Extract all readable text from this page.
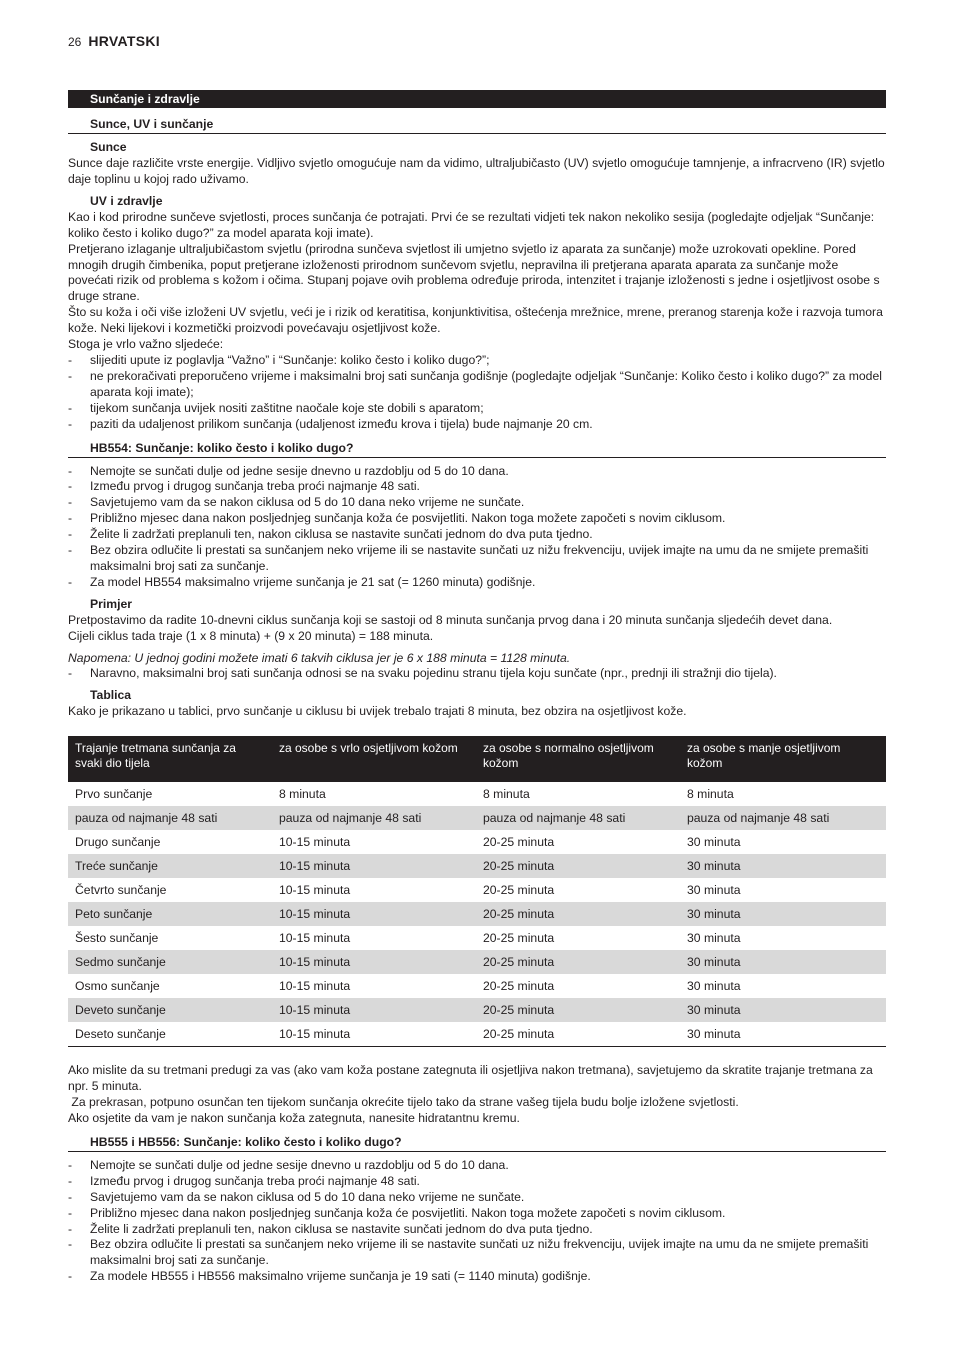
26 HRVATSKI
Sunčanje i zdravlje
Sunce, UV i sunčanje
Sunce

Sunce daje različite vrste energije. Vidljivo svjetlo omogućuje nam da vidimo, ultraljubičasto (UV) svjetlo omogućuje tamnjenje, a infracrveno (IR) svjetlo daje toplinu u kojoj rado uživamo.

UV i zdravlje

Kao i kod prirodne sunčeve svjetlosti, proces sunčanja će potrajati. Prvi će se rezultati vidjeti tek nakon nekoliko sesija (pogledajte odjeljak “Sunčanje: koliko često i koliko dugo?” za model aparata koji imate).

Pretjerano izlaganje ultraljubičastom svjetlu (prirodna sunčeva svjetlost ili umjetno svjetlo iz aparata za sunčanje) može uzrokovati opekline. Pored mnogih drugih čimbenika, poput pretjerane izloženosti prirodnom sunčevom svjetlu, nepravilna ili pretjerana aparata aparata za sunčanje može povećati rizik od problema s kožom i očima. Stupanj pojave ovih problema određuje priroda, intenzitet i trajanje izloženosti s jedne i osjetljivost osobe s druge strane.

Što su koža i oči više izloženi UV svjetlu, veći je i rizik od keratitisa, konjunktivitisa, oštećenja mrežnice, mrene, preranog starenja kože i razvoja tumora kože. Neki lijekovi i kozmetički proizvodi povećavaju osjetljivost kože.

Stoga je vrlo važno sljedeće:

- slijediti upute iz poglavlja “Važno” i “Sunčanje: koliko često i koliko dugo?”;
- ne prekoračivati preporučeno vrijeme i maksimalni broj sati sunčanja godišnje (pogledajte odjeljak “Sunčanje: Koliko često i koliko dugo?” za model aparata koji imate);
- tijekom sunčanja uvijek nositi zaštitne naočale koje ste dobili s aparatom;
- paziti da udaljenost prilikom sunčanja (udaljenost između krova i tijela) bude najmanje 20 cm.
HB554: Sunčanje: koliko često i koliko dugo?
- Nemojte se sunčati dulje od jedne sesije dnevno u razdoblju od 5 do 10 dana.
- Između prvog i drugog sunčanja treba proći najmanje 48 sati.
- Savjetujemo vam da se nakon ciklusa od 5 do 10 dana neko vrijeme ne sunčate.
- Približno mjesec dana nakon posljednjeg sunčanja koža će posvijetliti. Nakon toga možete započeti s novim ciklusom.
- Želite li zadržati preplanuli ten, nakon ciklusa se nastavite sunčati jednom do dva puta tjedno.
- Bez obzira odlučite li prestati sa sunčanjem neko vrijeme ili se nastavite sunčati uz nižu frekvenciju, uvijek imajte na umu da ne smijete premašiti maksimalni broj sati za sunčanje.
- Za model HB554 maksimalno vrijeme sunčanja je 21 sat (= 1260 minuta) godišnje.
Primjer

Pretpostavimo da radite 10-dnevni ciklus sunčanja koji se sastoji od 8 minuta sunčanja prvog dana i 20 minuta sunčanja sljedećih devet dana.

Cijeli ciklus tada traje (1 x 8 minuta) + (9 x 20 minuta) = 188 minuta.

Napomena: U jednoj godini možete imati 6 takvih ciklusa jer je 6 x 188 minuta = 1128 minuta.

- Naravno, maksimalni broj sati sunčanja odnosi se na svaku pojedinu stranu tijela koju sunčate (npr., prednji ili stražnji dio tijela).
Tablica

Kako je prikazano u tablici, prvo sunčanje u ciklusu bi uvijek trebalo trajati 8 minuta, bez obzira na osjetljivost kože.

Trajanje tretmana sunčanja za svaki dio tijela	za osobe s vrlo osjetljivom kožom	za osobe s normalno osjetljivom kožom	za osobe s manje osjetljivom kožom
Prvo sunčanje	8 minuta	8 minuta	8 minuta
pauza od najmanje 48 sati	pauza od najmanje 48 sati	pauza od najmanje 48 sati	pauza od najmanje 48 sati
Drugo sunčanje	10-15 minuta	20-25 minuta	30 minuta
Treće sunčanje	10-15 minuta	20-25 minuta	30 minuta
Četvrto sunčanje	10-15 minuta	20-25 minuta	30 minuta
Peto sunčanje	10-15 minuta	20-25 minuta	30 minuta
Šesto sunčanje	10-15 minuta	20-25 minuta	30 minuta
Sedmo sunčanje	10-15 minuta	20-25 minuta	30 minuta
Osmo sunčanje	10-15 minuta	20-25 minuta	30 minuta
Deveto sunčanje	10-15 minuta	20-25 minuta	30 minuta
Deseto sunčanje	10-15 minuta	20-25 minuta	30 minuta

Ako mislite da su tretmani predugi za vas (ako vam koža postane zategnuta ili osjetljiva nakon tretmana), savjetujemo da skratite trajanje tretmana za npr. 5 minuta.

Za prekrasan, potpuno osunčan ten tijekom sunčanja okrećite tijelo tako da strane vašeg tijela budu bolje izložene svjetlosti.

Ako osjetite da vam je nakon sunčanja koža zategnuta, nanesite hidratantnu kremu.

HB555 i HB556: Sunčanje: koliko često i koliko dugo?
- Nemojte se sunčati dulje od jedne sesije dnevno u razdoblju od 5 do 10 dana.
- Između prvog i drugog sunčanja treba proći najmanje 48 sati.
- Savjetujemo vam da se nakon ciklusa od 5 do 10 dana neko vrijeme ne sunčate.
- Približno mjesec dana nakon posljednjeg sunčanja koža će posvijetliti. Nakon toga možete započeti s novim ciklusom.
- Želite li zadržati preplanuli ten, nakon ciklusa se nastavite sunčati jednom do dva puta tjedno.
- Bez obzira odlučite li prestati sa sunčanjem neko vrijeme ili se nastavite sunčati uz nižu frekvenciju, uvijek imajte na umu da ne smijete premašiti maksimalni broj sati za sunčanje.
- Za modele HB555 i HB556 maksimalno vrijeme sunčanja je 19 sati (= 1140 minuta) godišnje.
